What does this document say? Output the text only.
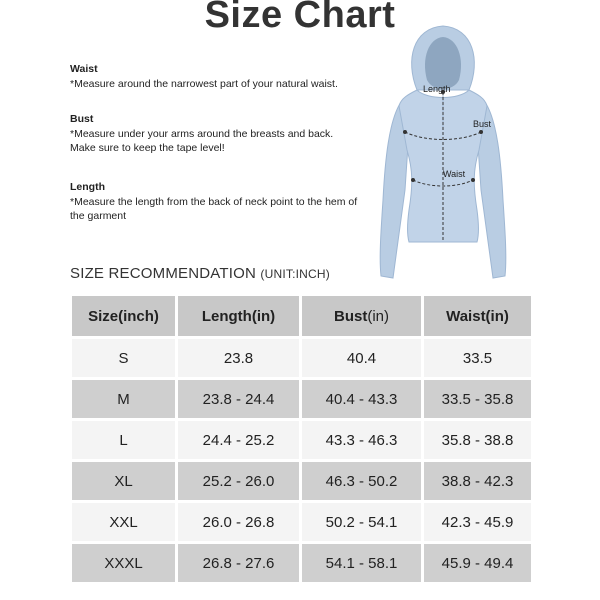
Size Chart
Waist
*Measure around the narrowest part of your natural waist.
Bust
*Measure under your arms around the breasts and back. Make sure to keep the tape level!
Length
*Measure the length from the back of neck point to the hem of the garment
Length
Bust
Waist
SIZE RECOMMENDATION (UNIT:INCH)
Size(inch)	Length(in)	Bust(in)	Waist(in)
S	23.8	40.4	33.5
M	23.8 - 24.4	40.4 - 43.3	33.5 - 35.8
L	24.4 - 25.2	43.3 - 46.3	35.8 - 38.8
XL	25.2 - 26.0	46.3 - 50.2	38.8 - 42.3
XXL	26.0 - 26.8	50.2 - 54.1	42.3 - 45.9
XXXL	26.8 - 27.6	54.1 - 58.1	45.9 - 49.4
